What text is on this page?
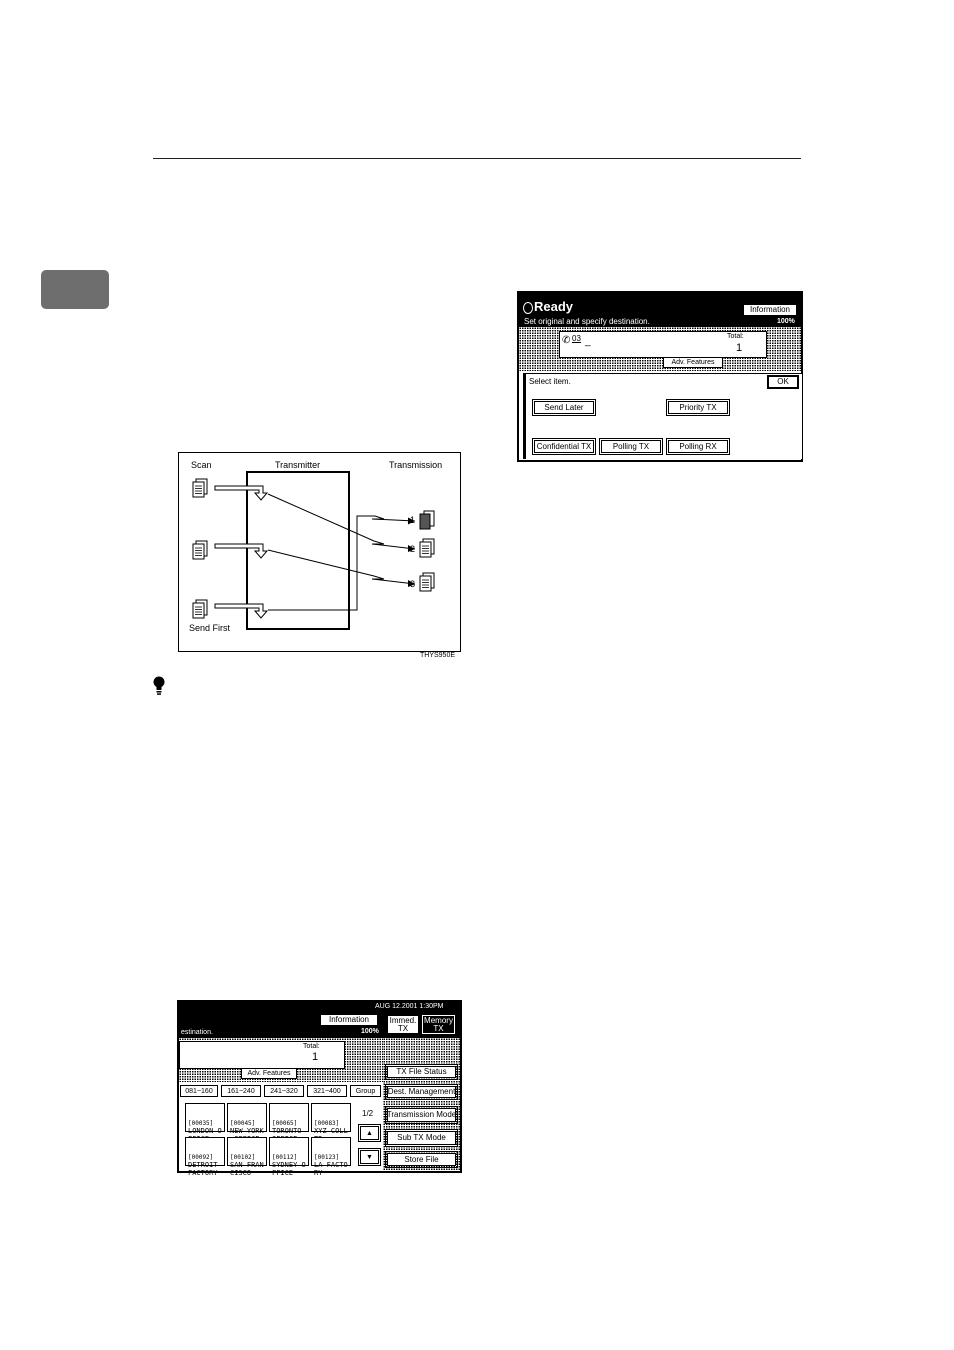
Ready
Set original and specify destination.
Information
100%
✆ 03 _	Total:
1
Adv. Features
Select item.	OK
Send Later	Priority TX
Confidential TX	Polling TX	Polling RX
Scan	Transmitter	Transmission
Send First
1
2
3
THYS950E
AUG 12.2001 1:30PM
Information
estination.	100%
Immed.
TX
Memory
TX
Total:
1
Adv. Features
081~160	161~240	241~320	321~400	Group

[00035]
LONDON O

[00045]
NEW YORK

[00065]
TORONTO

[00083]
XYZ COLL

[00092]
DETROIT
FACTORY

[00102]
SAN FRAN
CISCO

[00112]
SYDNEY O
FFICE

[00123]
LA FACTO
RY
1/2
▲
▼
TX File Status
Dest. Management
Transmission Mode
Sub TX Mode
Store File
